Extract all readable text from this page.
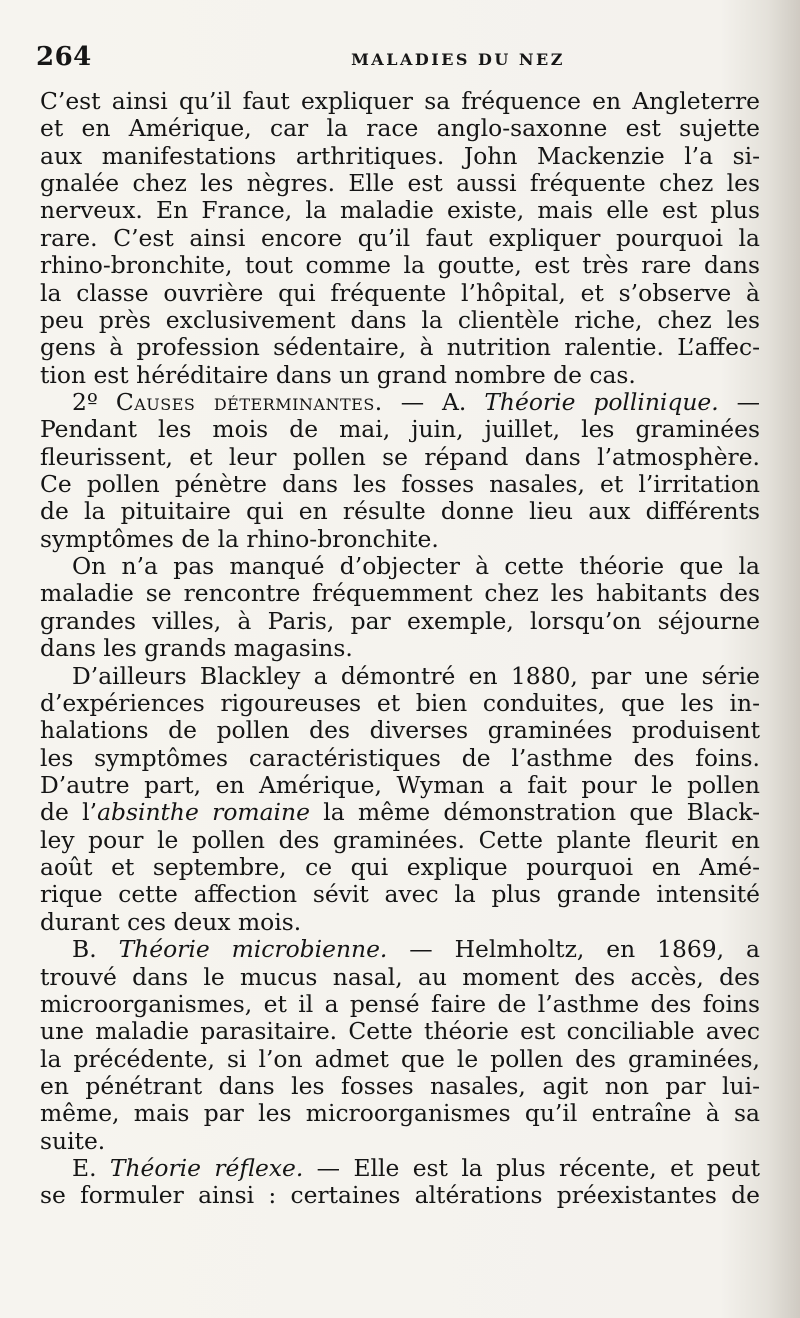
264	MALADIES DU NEZ
C’est ainsi qu’il faut expliquer sa fréquence en Angleterre
et en Amérique, car la race anglo-saxonne est sujette
aux manifestations arthritiques. John Mackenzie l’a si-
gnalée chez les nègres. Elle est aussi fréquente chez les
nerveux. En France, la maladie existe, mais elle est plus
rare. C’est ainsi encore qu’il faut expliquer pourquoi la
rhino-bronchite, tout comme la goutte, est très rare dans
la classe ouvrière qui fréquente l’hôpital, et s’observe à
peu près exclusivement dans la clientèle riche, chez les
gens à profession sédentaire, à nutrition ralentie. L’affec-
tion est héréditaire dans un grand nombre de cas.
2º Causes déterminantes. — A. Théorie pollinique. —
Pendant les mois de mai, juin, juillet, les graminées
fleurissent, et leur pollen se répand dans l’atmosphère.
Ce pollen pénètre dans les fosses nasales, et l’irritation
de la pituitaire qui en résulte donne lieu aux différents
symptômes de la rhino-bronchite.
On n’a pas manqué d’objecter à cette théorie que la
maladie se rencontre fréquemment chez les habitants des
grandes villes, à Paris, par exemple, lorsqu’on séjourne
dans les grands magasins.
D’ailleurs Blackley a démontré en 1880, par une série
d’expériences rigoureuses et bien conduites, que les in-
halations de pollen des diverses graminées produisent
les symptômes caractéristiques de l’asthme des foins.
D’autre part, en Amérique, Wyman a fait pour le pollen
de l’absinthe romaine la même démonstration que Black-
ley pour le pollen des graminées. Cette plante fleurit en
août et septembre, ce qui explique pourquoi en Amé-
rique cette affection sévit avec la plus grande intensité
durant ces deux mois.
B. Théorie microbienne. — Helmholtz, en 1869, a
trouvé dans le mucus nasal, au moment des accès, des
microorganismes, et il a pensé faire de l’asthme des foins
une maladie parasitaire. Cette théorie est conciliable avec
la précédente, si l’on admet que le pollen des graminées,
en pénétrant dans les fosses nasales, agit non par lui-
même, mais par les microorganismes qu’il entraîne à sa
suite.
E. Théorie réflexe. — Elle est la plus récente, et peut
se formuler ainsi : certaines altérations préexistantes de
